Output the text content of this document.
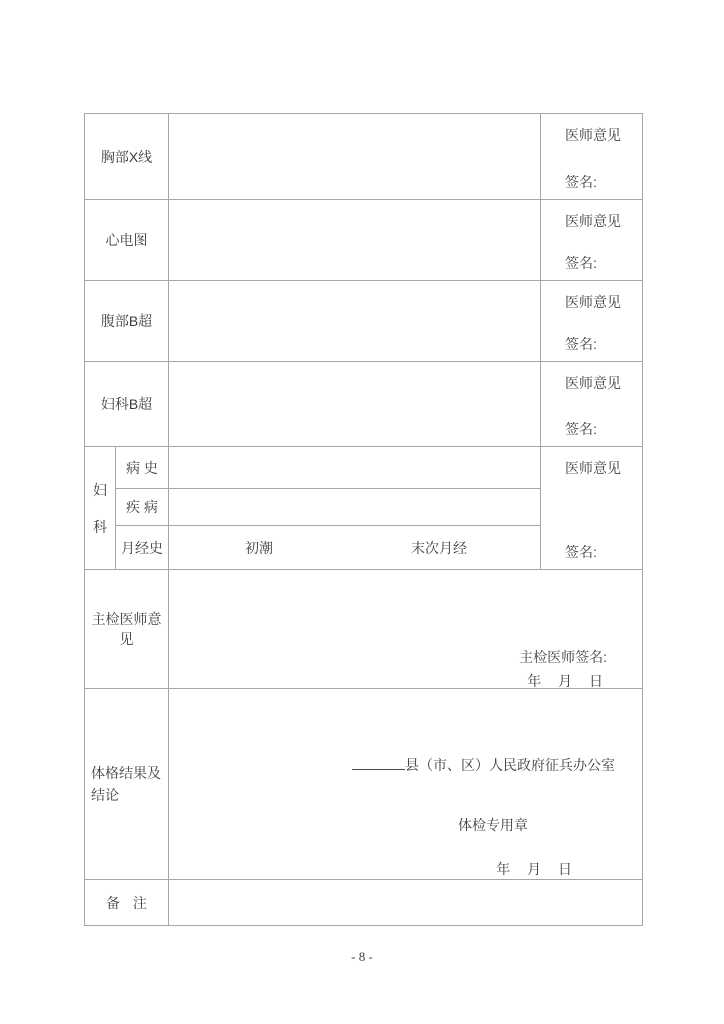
胸部X线
医师意见
签名:
心电图
医师意见
签名:
腹部B超
医师意见
签名:
妇科B超
医师意见
签名:
妇
科
病 史
疾 病
月经史	初潮	末次月经
医师意见
签名:
主检医师意见
主检医师签名:
年 月 日
体格结果及
结论
县（市、区）人民政府征兵办公室
体检专用章
年 月 日
备 注
- 8 -
